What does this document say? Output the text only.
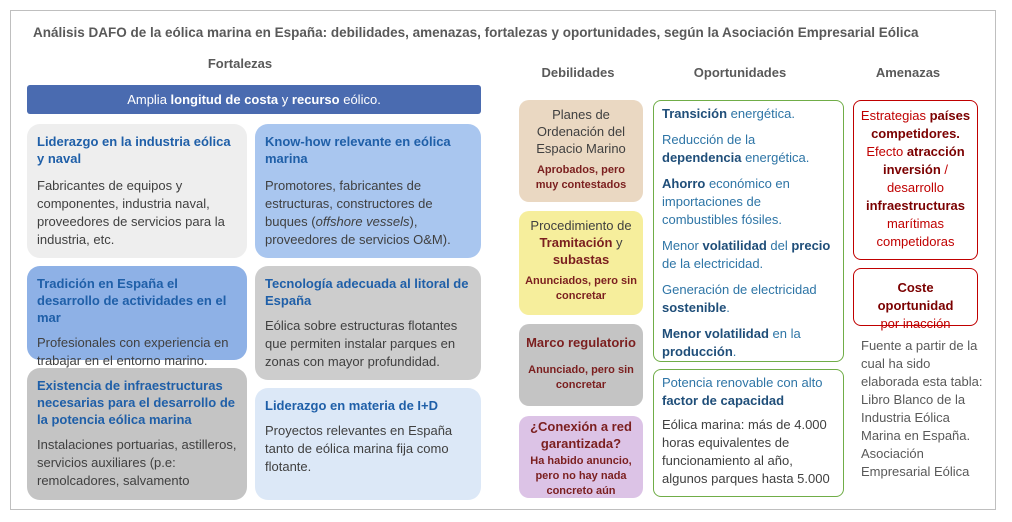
Análisis DAFO de la eólica marina en España: debilidades, amenazas, fortalezas y oportunidades, según la Asociación Empresarial Eólica
Fortalezas
Debilidades	Oportunidades	Amenazas
Amplia longitud de costa y recurso eólico.
Liderazgo en la industria eólica y naval
Fabricantes de equipos y componentes, industria naval, proveedores de servicios para la industria, etc.
Know-how relevante en eólica marina
Promotores, fabricantes de estructuras, constructores de buques (offshore vessels), proveedores de servicios O&M).
Tradición en España el desarrollo de actividades en el mar
Profesionales con experiencia en trabajar en el entorno marino.
Tecnología adecuada al litoral de España
Eólica sobre estructuras flotantes que permiten instalar parques en zonas con mayor profundidad.
Existencia de infraestructuras necesarias para el desarrollo de la potencia eólica marina
Instalaciones portuarias, astilleros, servicios auxiliares (p.e: remolcadores, salvamento
Liderazgo en materia de I+D
Proyectos relevantes en España tanto de eólica marina fija como flotante.
Planes de Ordenación del Espacio Marino
Aprobados, pero muy contestados
Procedimiento de Tramitación y subastas
Anunciados, pero sin concretar
Marco regulatorio
Anunciado, pero sin concretar
¿Conexión a red garantizada?
Ha habido anuncio, pero no hay nada concreto aún

Transición energética.

Reducción de la dependencia energética.

Ahorro económico en importaciones de combustibles fósiles.

Menor volatilidad del precio de la electricidad.

Generación de electricidad sostenible.

Menor volatilidad en la producción.

Potencia renovable con alto factor de capacidad

Eólica marina: más de 4.000 horas equivalentes de funcionamiento al año, algunos parques hasta 5.000

Estrategias países competidores. Efecto atracción inversión / desarrollo infraestructuras marítimas competidoras
Coste oportunidad
por inacción
Fuente a partir de la cual ha sido elaborada esta tabla: Libro Blanco de la Industria Eólica Marina en España. Asociación Empresarial Eólica
